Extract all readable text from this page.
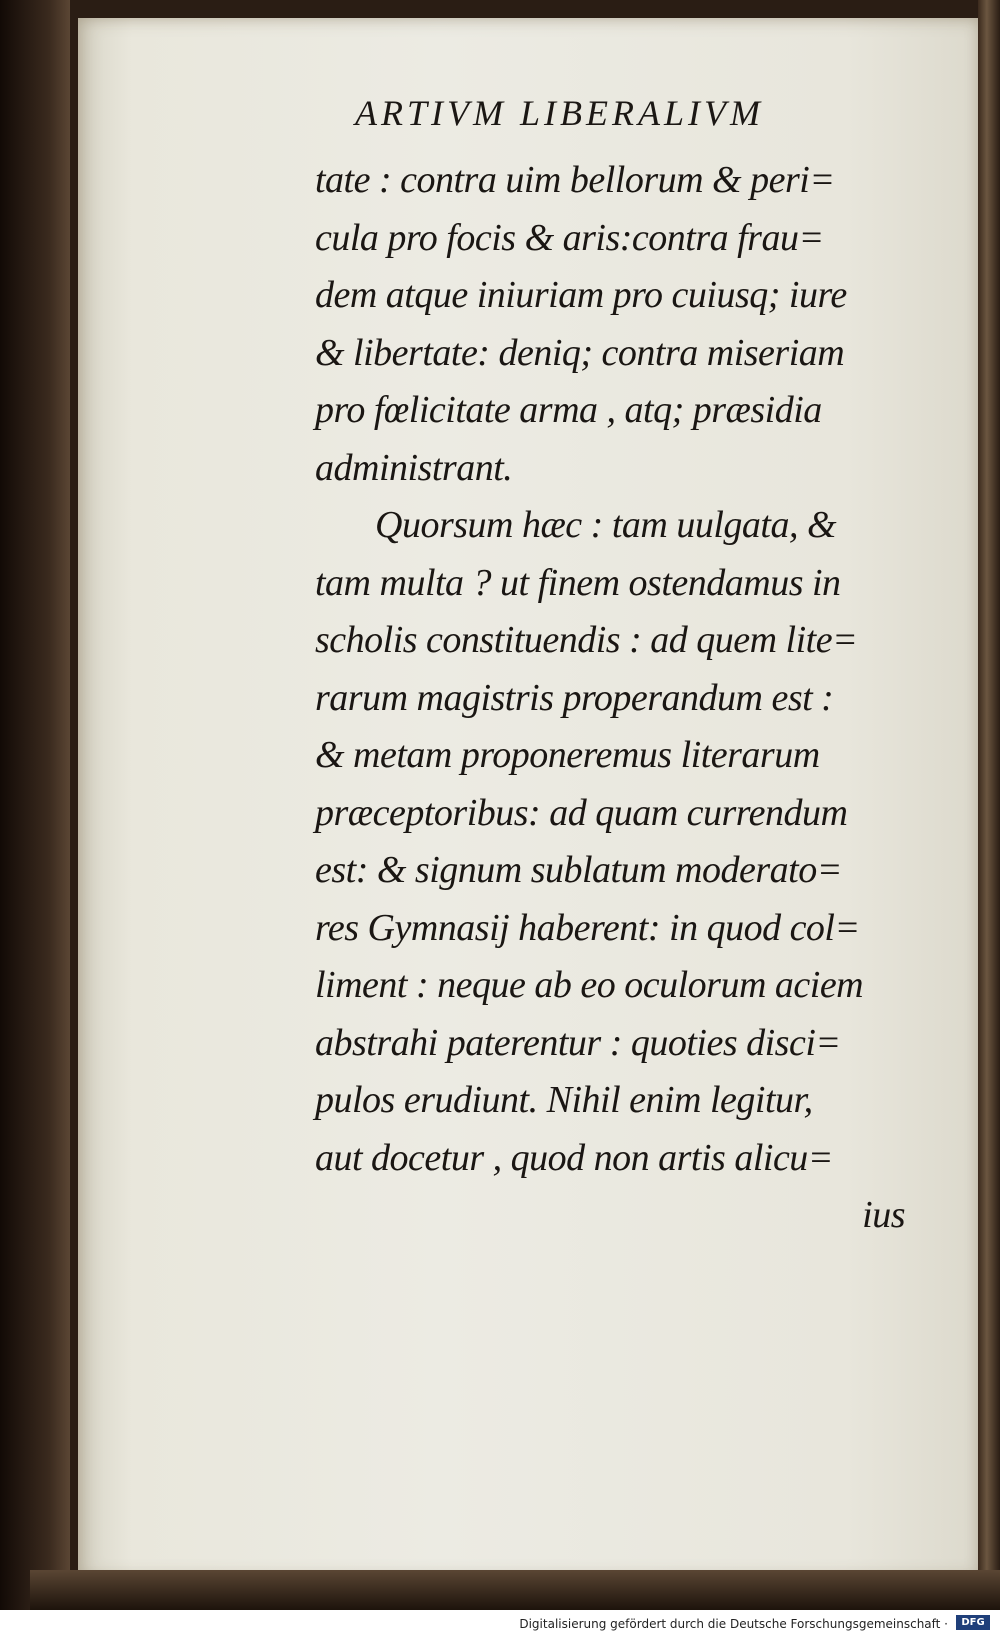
ARTIVM LIBERALIVM
tate : contra uim bellorum & peri=
cula pro focis & aris:contra frau=
dem atque iniuriam pro cuiusq; iure
& libertate: deniq; contra miseriam
pro fœlicitate arma , atq; præsidia
administrant.
Quorsum hæc : tam uulgata, &
tam multa ? ut finem ostendamus in
scholis constituendis : ad quem lite=
rarum magistris properandum est :
& metam proponeremus literarum
præceptoribus: ad quam currendum
est: & signum sublatum moderato=
res Gymnasij haberent: in quod col=
liment : neque ab eo oculorum aciem
abstrahi paterentur : quoties disci=
pulos erudiunt. Nihil enim legitur,
aut docetur , quod non artis alicu=
ius
Digitalisierung gefördert durch die Deutsche Forschungsgemeinschaft ·	DFG
